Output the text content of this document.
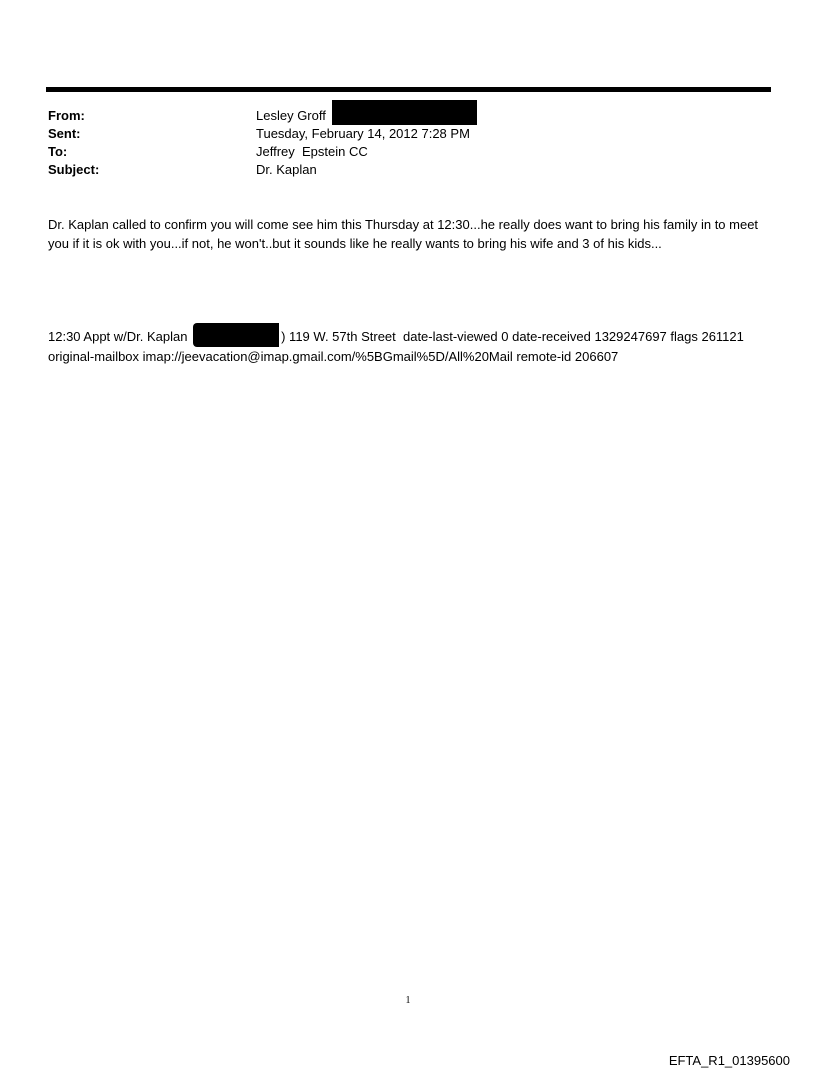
From:	Lesley Groff
Sent:	Tuesday, February 14, 2012 7:28 PM
To:	Jeffrey  Epstein CC
Subject:	Dr. Kaplan
Dr. Kaplan called to confirm you will come see him this Thursday at 12:30...he really does want to bring his family in to meet you if it is ok with you...if not, he won't..but it sounds like he really wants to bring his wife and 3 of his kids...
12:30 Appt w/Dr. Kaplan	) 119 W. 57th Street  date-last-viewed 0 date-received 1329247697 flags 261121
original-mailbox imap://jeevacation@imap.gmail.com/%5BGmail%5D/All%20Mail remote-id 206607
1
EFTA_R1_01395600
